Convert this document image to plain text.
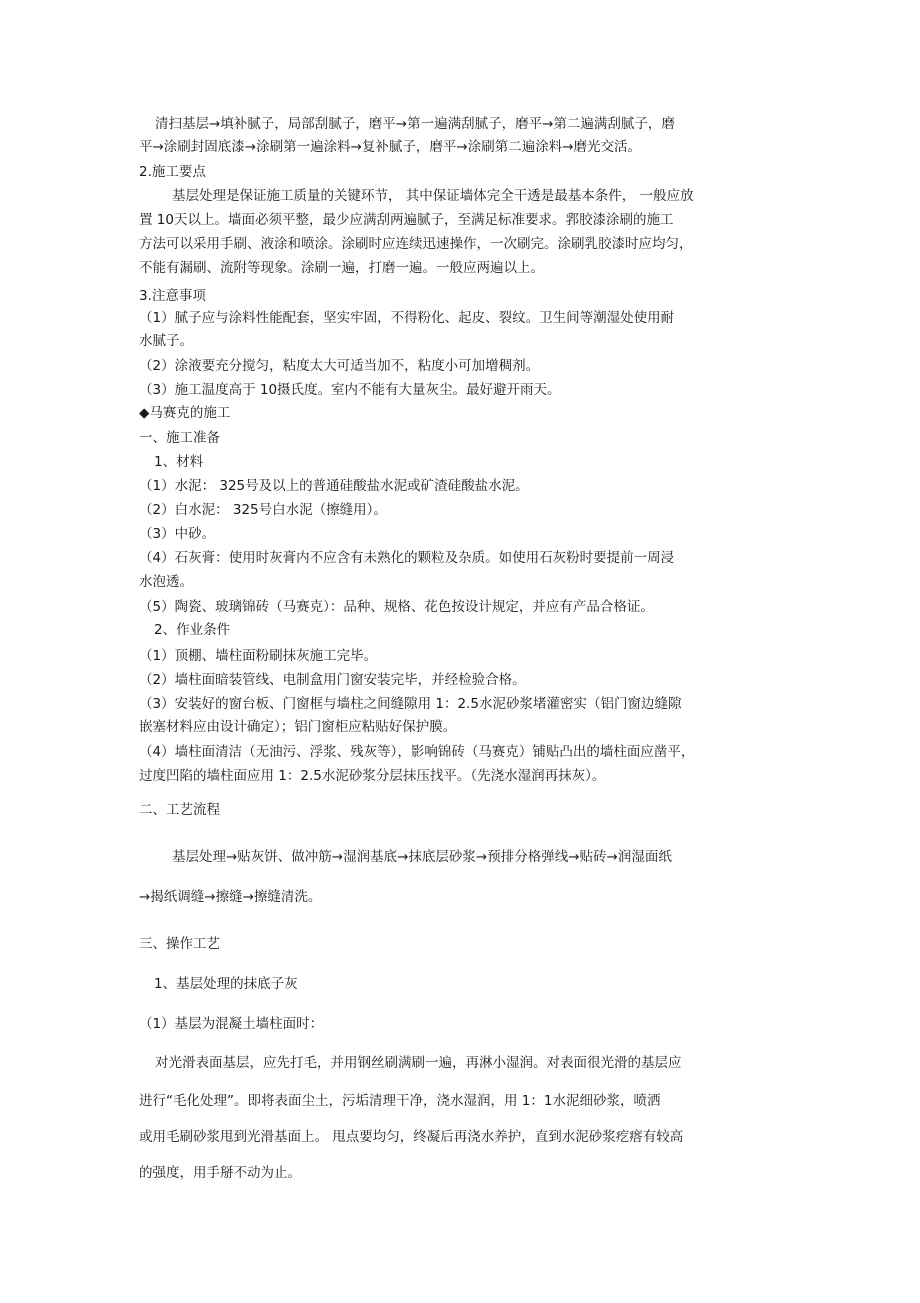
清扫基层→填补腻子，局部刮腻子，磨平→第一遍满刮腻子，磨平→第二遍满刮腻子，磨
平→涂刷封固底漆→涂刷第一遍涂料→复补腻子，磨平→涂刷第二遍涂料→磨光交活。
2.施工要点
基层处理是保证施工质量的关键环节， 其中保证墙体完全干透是最基本条件， 一般应放
置 10天以上。墙面必须平整，最少应满刮两遍腻子，至满足标准要求。郛胶漆涂刷的施工
方法可以采用手刷、液涂和喷涂。涂刷时应连续迅速操作，一次刷完。涂刷乳胶漆时应均匀，
不能有漏刷、流附等现象。涂刷一遍，打磨一遍。一般应两遍以上。
3.注意事项
（1）腻子应与涂料性能配套，坚实牢固，不得粉化、起皮、裂纹。卫生间等潮湿处使用耐
水腻子。
（2）涂液要充分搅匀，粘度太大可适当加不，粘度小可加增稠剂。
（3）施工温度高于 10摄氏度。室内不能有大量灰尘。最好避开雨天。
◆马赛克的施工
一、施工准备
1、材料
（1）水泥： 325号及以上的普通硅酸盐水泥或矿渣硅酸盐水泥。
（2）白水泥： 325号白水泥（擦缝用）。
（3）中砂。
（4）石灰膏：使用时灰膏内不应含有未熟化的颗粒及杂质。如使用石灰粉时要提前一周浸
水泡透。
（5）陶瓷、玻璃锦砖（马赛克）：品种、规格、花色按设计规定，并应有产品合格证。
2、作业条件
（1）顶棚、墙柱面粉刷抹灰施工完毕。
（2）墙柱面暗装管线、电制盒用门窗安装完毕，并经检验合格。
（3）安装好的窗台板、门窗框与墙柱之间缝隙用 1：2.5水泥砂浆堵灌密实（铝门窗边缝隙
嵌塞材料应由设计确定）；铝门窗柜应粘贴好保护膜。
（4）墙柱面清洁（无油污、浮浆、残灰等），影响锦砖（马赛克）铺贴凸出的墙柱面应凿平，
过度凹陷的墙柱面应用 1：2.5水泥砂浆分层抹压找平。（先浇水湿润再抹灰）。
二、工艺流程
基层处理→贴灰饼、做冲筋→湿润基底→抹底层砂浆→预排分格弹线→贴砖→润湿面纸
→揭纸调缝→擦缝→擦缝清洗。
三、操作工艺
1、基层处理的抹底子灰
（1）基层为混凝土墙柱面时：
对光滑表面基层，应先打毛，并用钢丝刷满刷一遍，再淋小湿润。对表面很光滑的基层应
进行“毛化处理”。即将表面尘土，污垢清理干净，浇水湿润，用 1：1水泥细砂浆，喷洒
或用毛刷砂浆甩到光滑基面上。 甩点要均匀，终凝后再浇水养护，直到水泥砂浆疙瘩有较高
的强度，用手掰不动为止。
